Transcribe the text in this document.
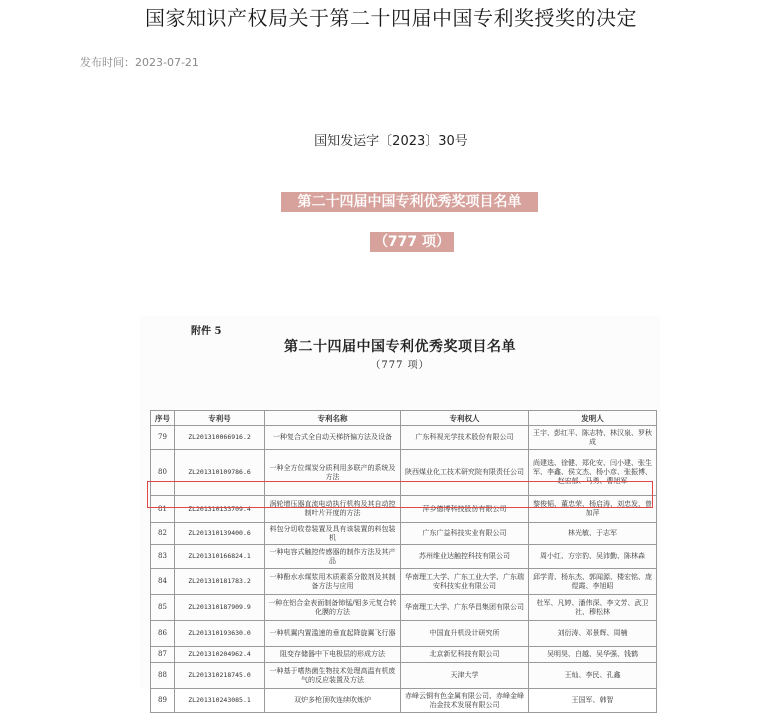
国家知识产权局关于第二十四届中国专利奖授奖的决定
发布时间：2023-07-21
国知发运字〔2023〕30号
第二十四届中国专利优秀奖项目名单
（777 项）
附件 5
第二十四届中国专利优秀奖项目名单
（777 项）
序号	专利号	专利名称	专利权人	发明人
79	ZL201310066916.2	一种复合式全自动天梯挤偏方法及设备	广东科视光学技术股份有限公司	王宇、彭红平、陈志特、林汉泉、罗秋成
80	ZL201310109786.6	一种全方位煤炭分质利用多联产的系统及方法	陕西煤业化工技术研究院有限责任公司	尚建选、徐健、郑化安、闫小建、张生军、李鑫、侯文杰、杨小彦、张振博、赵宏郁、马勇、曹旭军
81	ZL201310133709.4	涡轮增压器直流电动执行机构及其自动控制叶片开度的方法	萍乡德博科技股份有限公司	黎俊韬、董忠荣、杨启涛、刘忠发、曾加萍
82	ZL201310139400.6	料包分切收卷装置及具有该装置的料包装机	广东广益科技实业有限公司	林光敏、于志军
83	ZL201310166824.1	一种电容式触控传感器的制作方法及其产品	苏州维业达触控科技有限公司	周小红、方宗豹、吴沛勤、陈林森
84	ZL201310181783.2	一种酚水水煤浆用木质素系分散剂及其制备方法与应用	华南理工大学、广东工业大学、广东瑞安科技实业有限公司	邱学青、杨东杰、郭闻源、楼宏铭、庞煜霞、李旭昭
85	ZL201310187909.9	一种在铝合金表面制备铈锰/钼多元复合转化膜的方法	华南理工大学、广东华昌集团有限公司	杜军、凡婷、潘伟深、李文芳、武卫社、穆松林
86	ZL201310193630.0	一种机翼内置滥速的垂直起降旋翼飞行器	中国直升机设计研究所	刘衍涛、邓景辉、周楠
87	ZL201310204962.4	阻变存储器中下电极层的形成方法	北京新忆科技有限公司	吴明昊、白越、吴华强、钱鹤
88	ZL201310218745.0	一种基于嗜热菌生物技术处理高温有机废气的反应装置及方法	天津大学	王灿、李民、孔鑫
89	ZL201310243085.1	双炉多枪顶吹连续吹炼炉	赤峰云铜有色金属有限公司、赤峰金峰冶金技术发展有限公司	王国军、韩智
